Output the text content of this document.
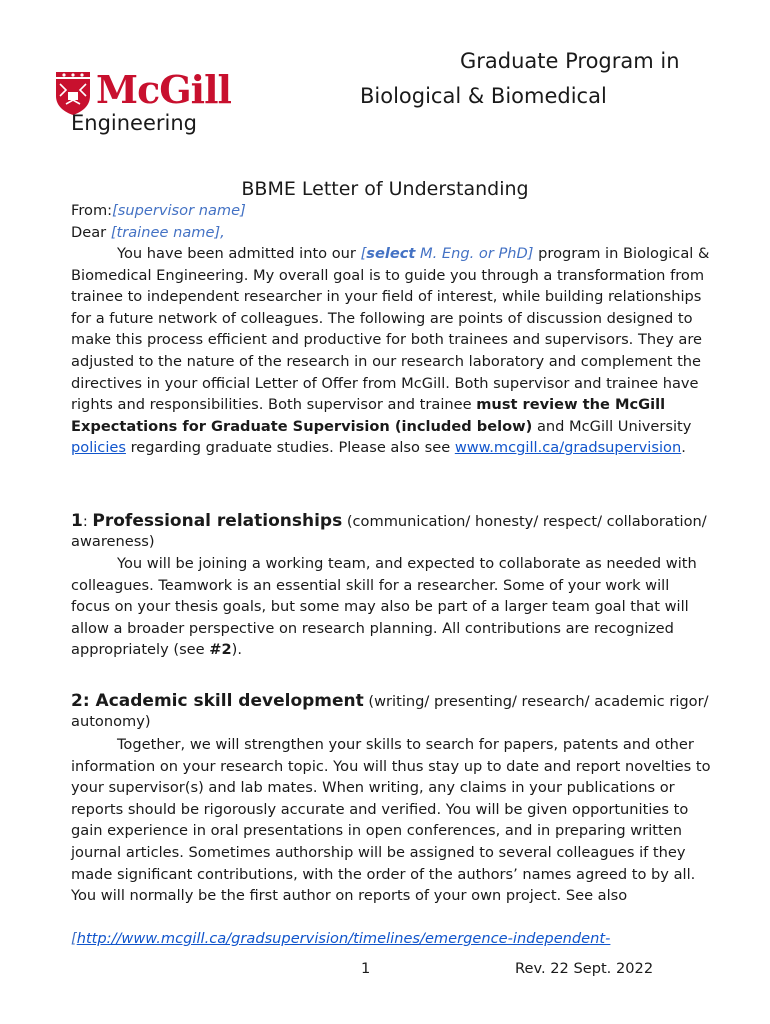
McGill
Graduate Program in
Biological & Biomedical
Engineering
BBME Letter of Understanding

From:[supervisor name]

Dear [trainee name],

You have been admitted into our [select M. Eng. or PhD] program in Biological & Biomedical Engineering. My overall goal is to guide you through a transformation from trainee to independent researcher in your field of interest, while building relationships for a future network of colleagues. The following are points of discussion designed to make this process efficient and productive for both trainees and supervisors. They are adjusted to the nature of the research in our research laboratory and complement the directives in your official Letter of Offer from McGill. Both supervisor and trainee have rights and responsibilities. Both supervisor and trainee must review the McGill Expectations for Graduate Supervision (included below) and McGill University policies regarding graduate studies. Please also see www.mcgill.ca/gradsupervision.

1: Professional relationships (communication/ honesty/ respect/ collaboration/ awareness)

You will be joining a working team, and expected to collaborate as needed with colleagues. Teamwork is an essential skill for a researcher. Some of your work will focus on your thesis goals, but some may also be part of a larger team goal that will allow a broader perspective on research planning. All contributions are recognized appropriately (see #2).

2: Academic skill development (writing/ presenting/ research/ academic rigor/ autonomy)

Together, we will strengthen your skills to search for papers, patents and other information on your research topic. You will thus stay up to date and report novelties to your supervisor(s) and lab mates. When writing, any claims in your publications or reports should be rigorously accurate and verified. You will be given opportunities to gain experience in oral presentations in open conferences, and in preparing written journal articles. Sometimes authorship will be assigned to several colleagues if they made significant contributions, with the order of the authors’ names agreed to by all. You will normally be the first author on reports of your own project. See also

[http://www.mcgill.ca/gradsupervision/timelines/emergence-independent-

1	Rev. 22 Sept. 2022
